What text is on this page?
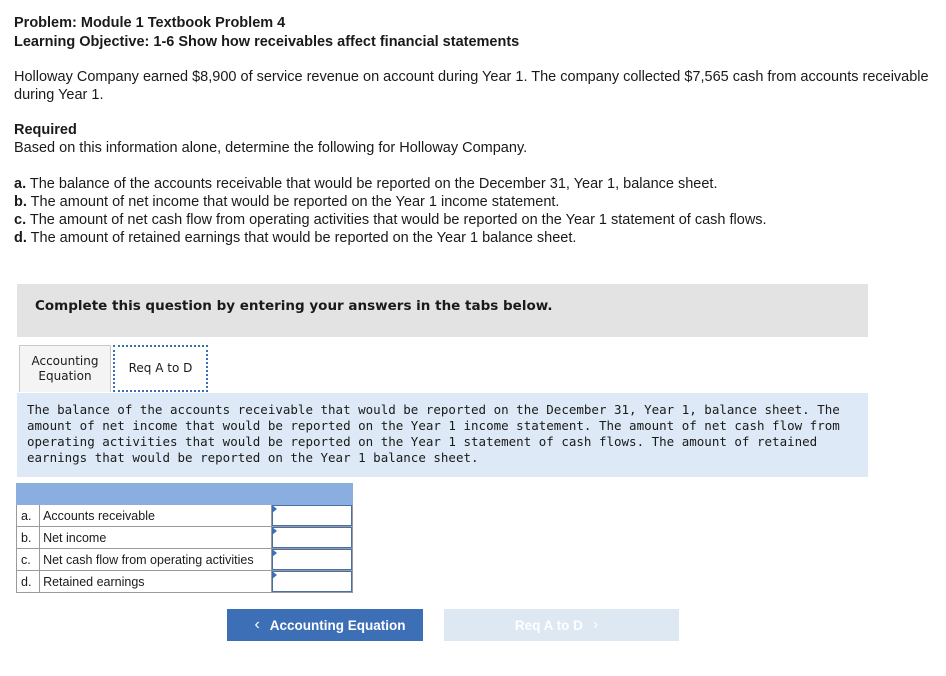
Problem: Module 1 Textbook Problem 4
Learning Objective: 1-6 Show how receivables affect financial statements
Holloway Company earned $8,900 of service revenue on account during Year 1. The company collected $7,565 cash from accounts receivable during Year 1.
Required
Based on this information alone, determine the following for Holloway Company.
a. The balance of the accounts receivable that would be reported on the December 31, Year 1, balance sheet.
b. The amount of net income that would be reported on the Year 1 income statement.
c. The amount of net cash flow from operating activities that would be reported on the Year 1 statement of cash flows.
d. The amount of retained earnings that would be reported on the Year 1 balance sheet.
Complete this question by entering your answers in the tabs below.
Accounting
Equation
Req A to D
The balance of the accounts receivable that would be reported on the December 31, Year 1, balance sheet. The amount of net income that would be reported on the Year 1 income statement. The amount of net cash flow from operating activities that would be reported on the Year 1 statement of cash flows. The amount of retained earnings that would be reported on the Year 1 balance sheet.

a.	Accounts receivable	

b.	Net income	

c.	Net cash flow from operating activities	

d.	Retained earnings	
‹ Accounting Equation	Req A to D ›
